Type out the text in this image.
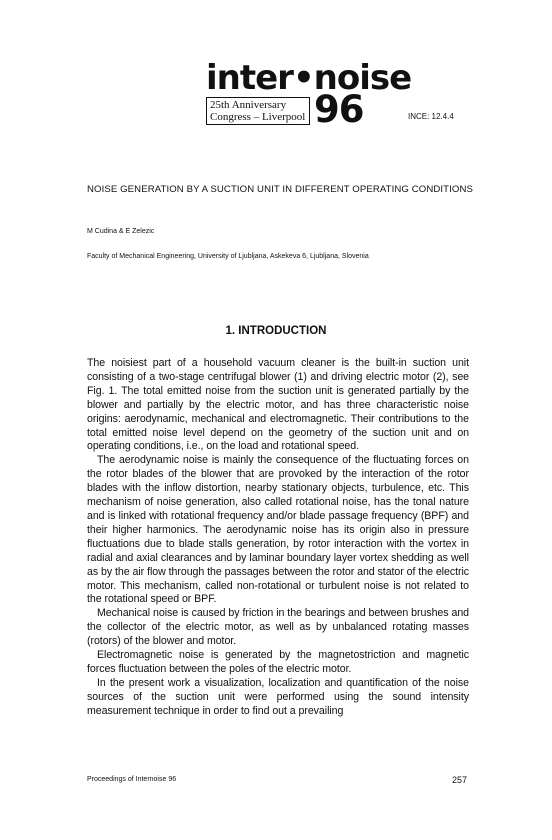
inter•noise
25th Anniversary
Congress – Liverpool 96	INCE: 12.4.4
NOISE GENERATION BY A SUCTION UNIT IN DIFFERENT OPERATING CONDITIONS
M Cudina & E Zelezic
Faculty of Mechanical Engineering, University of Ljubljana, Askekeva 6, Ljubljana, Slovenia
1. INTRODUCTION

The noisiest part of a household vacuum cleaner is the built-in suction unit consisting of a two-stage centrifugal blower (1) and driving electric motor (2), see Fig. 1. The total emitted noise from the suction unit is generated partially by the blower and partially by the electric motor, and has three characteristic noise origins: aerodynamic, mechanical and electromagnetic. Their contributions to the total emitted noise level depend on the geometry of the suction unit and on operating conditions, i.e., on the load and rotational speed.

The aerodynamic noise is mainly the consequence of the fluctuating forces on the rotor blades of the blower that are provoked by the interaction of the rotor blades with the inflow distortion, nearby stationary objects, turbulence, etc. This mechanism of noise generation, also called rotational noise, has the tonal nature and is linked with rotational frequency and/or blade passage frequency (BPF) and their higher harmonics. The aerodynamic noise has its origin also in pressure fluctuations due to blade stalls generation, by rotor interaction with the vortex in radial and axial clearances and by laminar boundary layer vortex shedding as well as by the air flow through the passages between the rotor and stator of the electric motor. This mechanism, called non-rotational or turbulent noise is not related to the rotational speed or BPF.

Mechanical noise is caused by friction in the bearings and between brushes and the collector of the electric motor, as well as by unbalanced rotating masses (rotors) of the blower and motor.

Electromagnetic noise is generated by the magnetostriction and magnetic forces fluctuation between the poles of the electric motor.

In the present work a visualization, localization and quantification of the noise sources of the suction unit were performed using the sound intensity measurement technique in order to find out a prevailing

Proceedings of Internoise 96	257
